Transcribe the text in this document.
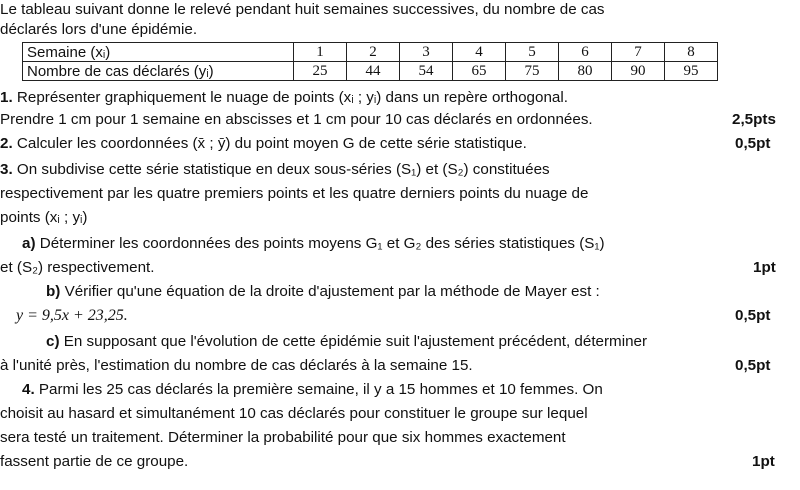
Le tableau suivant donne le relevé pendant huit semaines successives, du nombre de cas
déclarés lors d'une épidémie.
Semaine (xᵢ)	1	2	3	4	5	6	7	8
Nombre de cas déclarés (yᵢ)	25	44	54	65	75	80	90	95
1. Représenter graphiquement le nuage de points (xᵢ ; yᵢ) dans un repère orthogonal.
Prendre 1 cm pour 1 semaine en abscisses et 1 cm pour 10 cas déclarés en ordonnées.	2,5pts
2. Calculer les coordonnées (x̄ ; ȳ) du point moyen G de cette série statistique.	0,5pt
3. On subdivise cette série statistique en deux sous-séries (S₁) et (S₂) constituées
respectivement par les quatre premiers points et les quatre derniers points du nuage de
points (xᵢ ; yᵢ)
a) Déterminer les coordonnées des points moyens G₁ et G₂ des séries statistiques (S₁)
et (S₂) respectivement.	1pt
b) Vérifier qu'une équation de la droite d'ajustement par la méthode de Mayer est :
y = 9,5x + 23,25.	0,5pt
c) En supposant que l'évolution de cette épidémie suit l'ajustement précédent, déterminer
à l'unité près, l'estimation du nombre de cas déclarés à la semaine 15.	0,5pt
4. Parmi les 25 cas déclarés la première semaine, il y a 15 hommes et 10 femmes. On
choisit au hasard et simultanément 10 cas déclarés pour constituer le groupe sur lequel
sera testé un traitement. Déterminer la probabilité pour que six hommes exactement
fassent partie de ce groupe.	1pt
